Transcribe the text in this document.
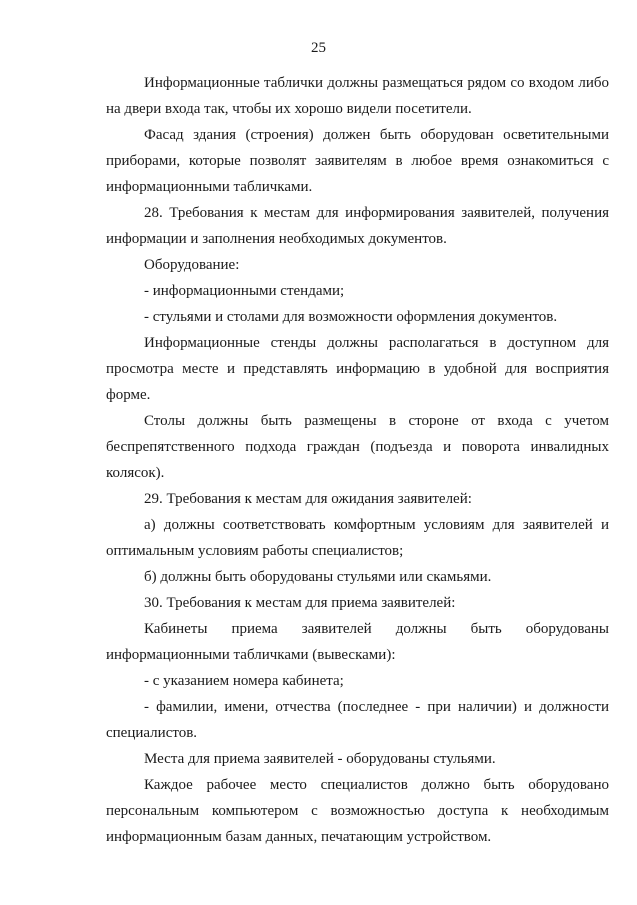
25

Информационные таблички должны размещаться рядом со входом либо на двери входа так, чтобы их хорошо видели посетители.

Фасад здания (строения) должен быть оборудован осветительными приборами, которые позволят заявителям в любое время ознакомиться с информационными табличками.

28. Требования к местам для информирования заявителей, получения информации и заполнения необходимых документов.

Оборудование:

- информационными стендами;

- стульями и столами для возможности оформления документов.

Информационные стенды должны располагаться в доступном для просмотра месте и представлять информацию в удобной для восприятия форме.

Столы должны быть размещены в стороне от входа с учетом беспрепятственного подхода граждан (подъезда и поворота инвалидных колясок).

29. Требования к местам для ожидания заявителей:

а) должны соответствовать комфортным условиям для заявителей и оптимальным условиям работы специалистов;

б) должны быть оборудованы стульями или скамьями.

30. Требования к местам для приема заявителей:

Кабинеты приема заявителей должны быть оборудованы информационными табличками (вывесками):

- с указанием номера кабинета;

- фамилии, имени, отчества (последнее - при наличии) и должности специалистов.

Места для приема заявителей - оборудованы стульями.

Каждое рабочее место специалистов должно быть оборудовано персональным компьютером с возможностью доступа к необходимым информационным базам данных, печатающим устройством.
